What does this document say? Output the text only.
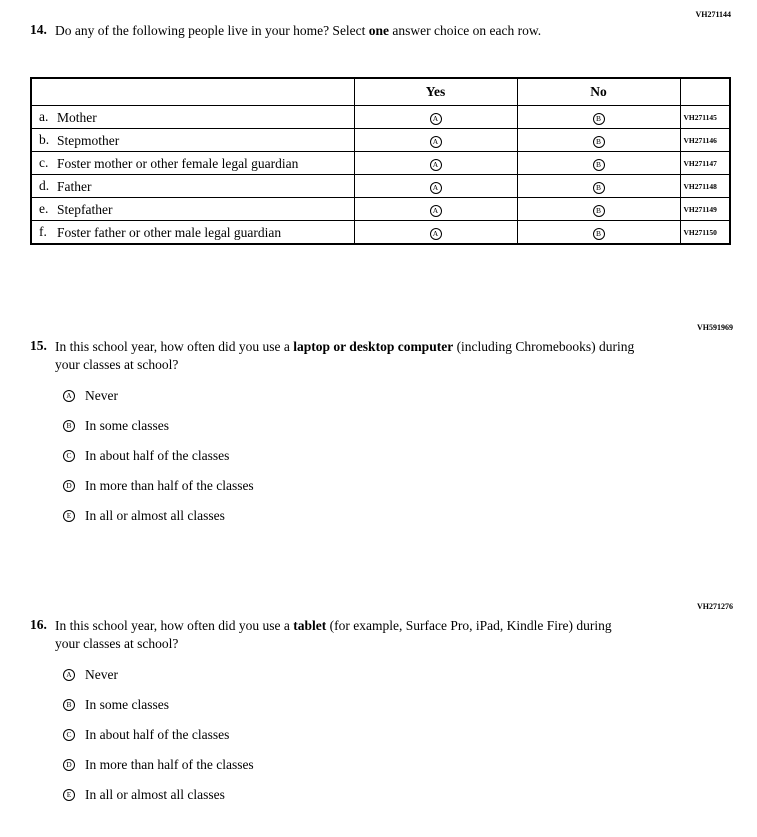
VH271144
14. Do any of the following people live in your home? Select one answer choice on each row.
	Yes	No	

a. Mother	A	B	VH271145

b. Stepmother	A	B	VH271146

c. Foster mother or other female legal guardian	A	B	VH271147

d. Father	A	B	VH271148

e. Stepfather	A	B	VH271149

f. Foster father or other male legal guardian	A	B	VH271150
VH591969
15. In this school year, how often did you use a laptop or desktop computer (including Chromebooks) during your classes at school?
A Never
B In some classes
C In about half of the classes
D In more than half of the classes
E In all or almost all classes
VH271276
16. In this school year, how often did you use a tablet (for example, Surface Pro, iPad, Kindle Fire) during your classes at school?
A Never
B In some classes
C In about half of the classes
D In more than half of the classes
E In all or almost all classes
